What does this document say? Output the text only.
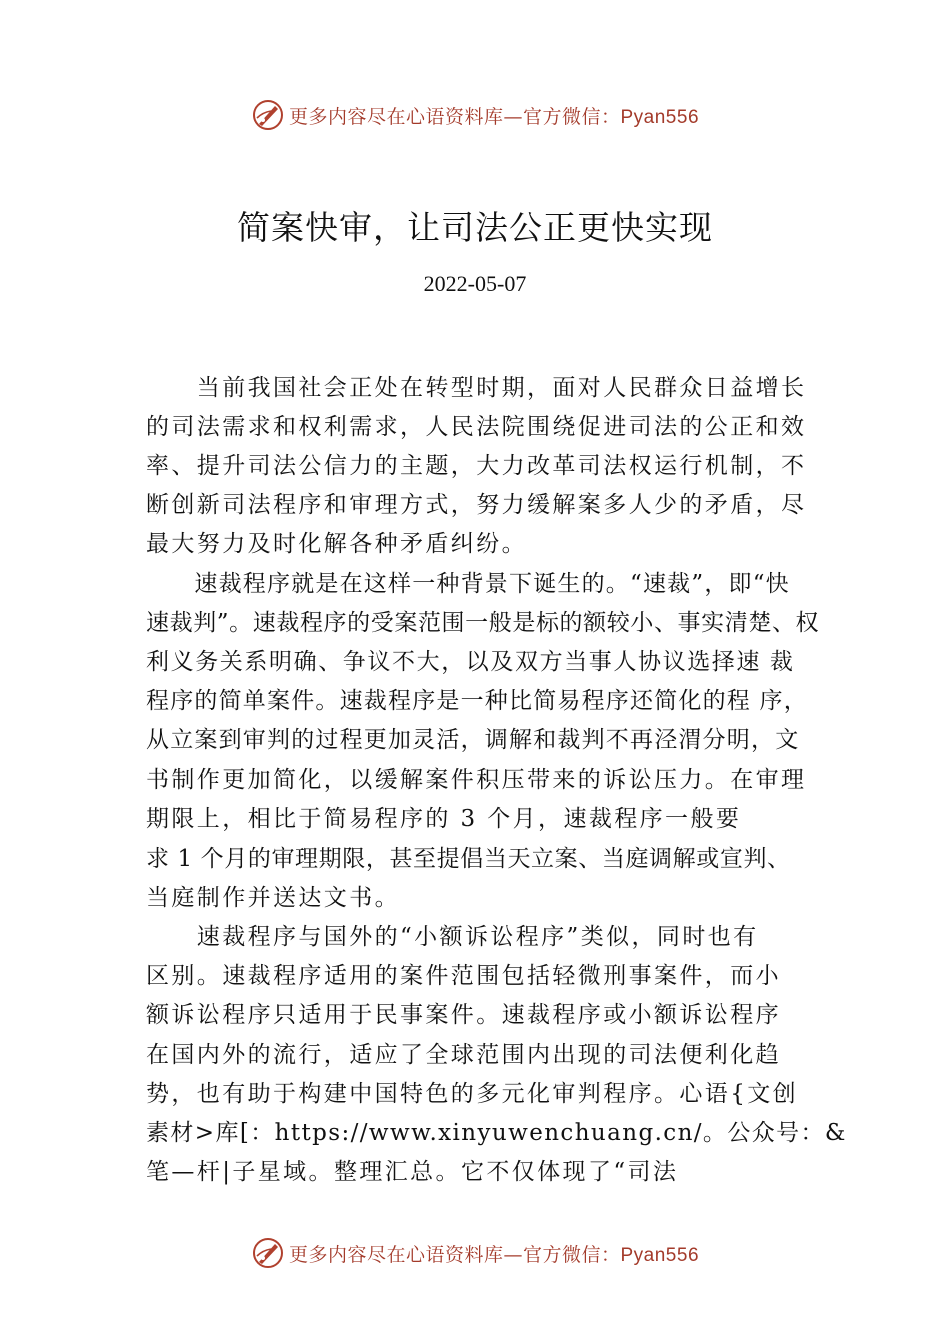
更多内容尽在心语资料库—官方微信：Pyan556
简案快审，让司法公正更快实现
2022-05-07
　　当前我国社会正处在转型时期，面对人民群众日益增长
的司法需求和权利需求，人民法院围绕促进司法的公正和效
率、提升司法公信力的主题，大力改革司法权运行机制，不
断创新司法程序和审理方式，努力缓解案多人少的矛盾，尽
最大努力及时化解各种矛盾纠纷。
　　速裁程序就是在这样一种背景下诞生的。“速裁”，即“快
速裁判”。速裁程序的受案范围一般是标的额较小、事实清楚、权
利义务关系明确、争议不大，以及双方当事人协议选择速 裁
程序的简单案件。速裁程序是一种比简易程序还简化的程 序，
从立案到审判的过程更加灵活，调解和裁判不再泾渭分明，文
书制作更加简化，以缓解案件积压带来的诉讼压力。在审理
期限上，相比于简易程序的 3 个月，速裁程序一般要
求 1 个月的审理期限，甚至提倡当天立案、当庭调解或宣判、
当庭制作并送达文书。
　　速裁程序与国外的“小额诉讼程序”类似，同时也有
区别。速裁程序适用的案件范围包括轻微刑事案件，而小
额诉讼程序只适用于民事案件。速裁程序或小额诉讼程序
在国内外的流行，适应了全球范围内出现的司法便利化趋
势，也有助于构建中国特色的多元化审判程序。心语{文创
素材>库[：https://www.xinyuwenchuang.cn/。公众号：&
笔—杆|子星域。整理汇总。它不仅体现了“司法
更多内容尽在心语资料库—官方微信：Pyan556
